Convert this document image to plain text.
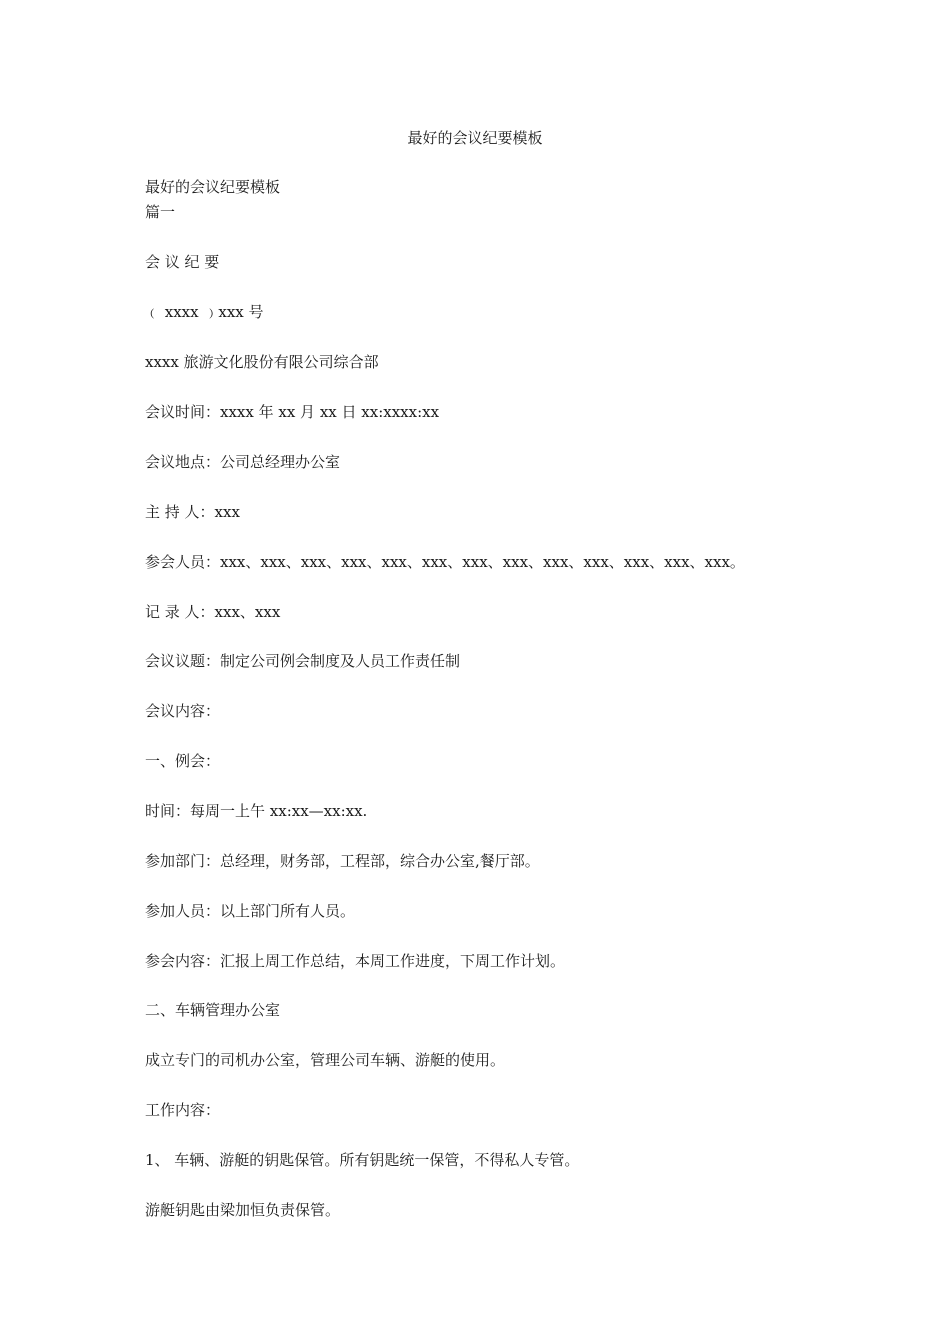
最好的会议纪要模板
最好的会议纪要模板
篇一
会 议 纪 要
﹙ xxxx ﹚xxx 号
xxxx 旅游文化股份有限公司综合部
会议时间：xxxx 年 xx 月 xx 日 xx:xxxx:xx
会议地点：公司总经理办公室
主 持 人：xxx
参会人员：xxx、xxx、xxx、xxx、xxx、xxx、xxx、xxx、xxx、xxx、xxx、xxx、xxx。
记 录 人：xxx、xxx
会议议题：制定公司例会制度及人员工作责任制
会议内容：
一、例会：
时间：每周一上午 xx:xx—xx:xx.
参加部门：总经理，财务部，工程部，综合办公室,餐厅部。
参加人员：以上部门所有人员。
参会内容：汇报上周工作总结，本周工作进度，下周工作计划。
二、车辆管理办公室
成立专门的司机办公室，管理公司车辆、游艇的使用。
工作内容：
1、 车辆、游艇的钥匙保管。所有钥匙统一保管，不得私人专管。
游艇钥匙由梁加恒负责保管。
